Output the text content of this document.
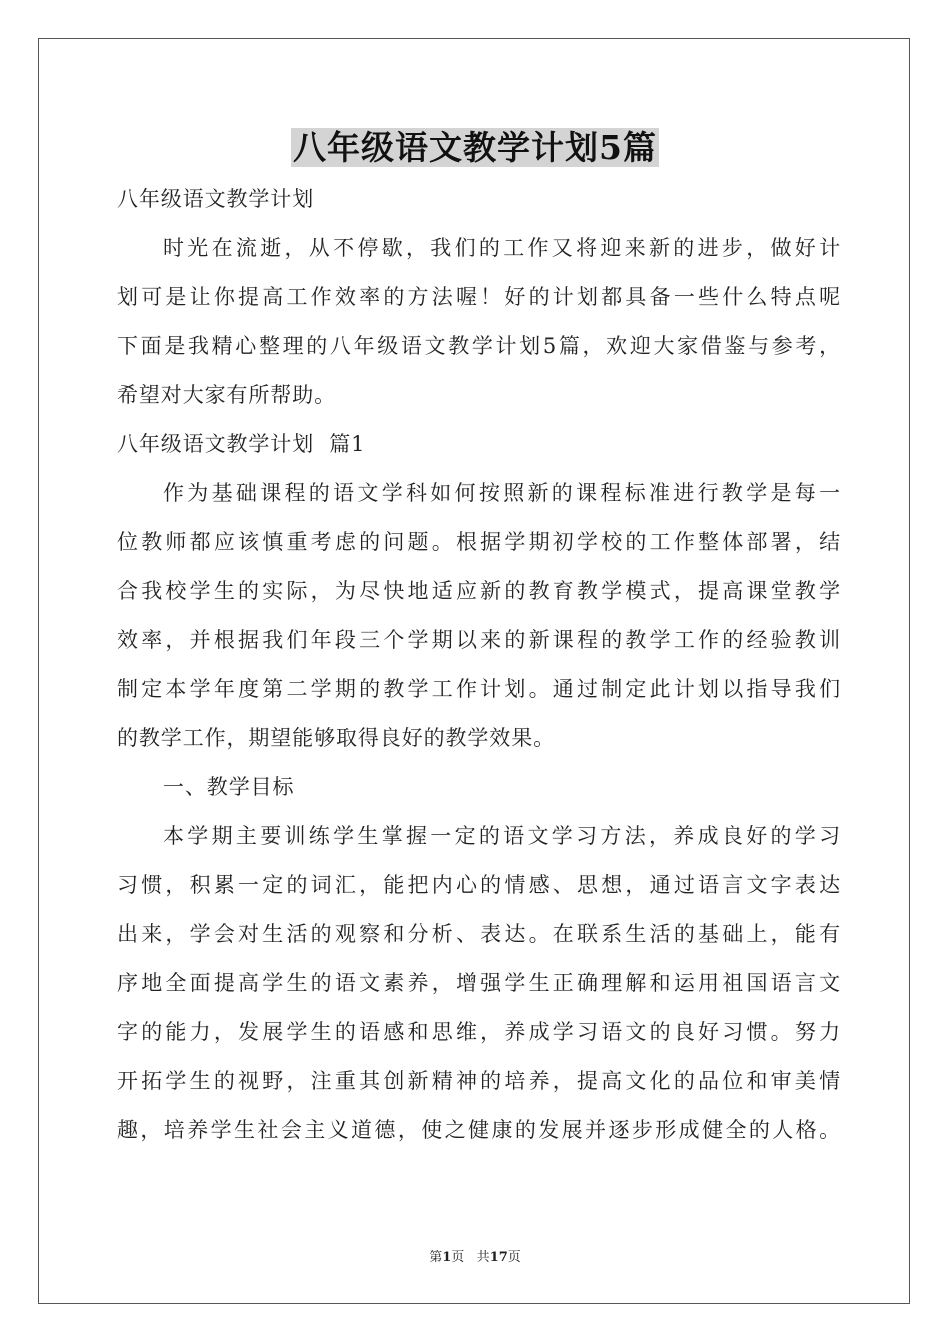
八年级语文教学计划5篇
八年级语文教学计划
时光在流逝，从不停歇，我们的工作又将迎来新的进步，做好计
划可是让你提高工作效率的方法喔！好的计划都具备一些什么特点呢
下面是我精心整理的八年级语文教学计划5篇，欢迎大家借鉴与参考，
希望对大家有所帮助。
八年级语文教学计划  篇1
作为基础课程的语文学科如何按照新的课程标准进行教学是每一
位教师都应该慎重考虑的问题。根据学期初学校的工作整体部署，结
合我校学生的实际，为尽快地适应新的教育教学模式，提高课堂教学
效率，并根据我们年段三个学期以来的新课程的教学工作的经验教训
制定本学年度第二学期的教学工作计划。通过制定此计划以指导我们
的教学工作，期望能够取得良好的教学效果。
一、教学目标
本学期主要训练学生掌握一定的语文学习方法，养成良好的学习
习惯，积累一定的词汇，能把内心的情感、思想，通过语言文字表达
出来，学会对生活的观察和分析、表达。在联系生活的基础上，能有
序地全面提高学生的语文素养，增强学生正确理解和运用祖国语言文
字的能力，发展学生的语感和思维，养成学习语文的良好习惯。努力
开拓学生的视野，注重其创新精神的培养，提高文化的品位和审美情
趣，培养学生社会主义道德，使之健康的发展并逐步形成健全的人格。
第1页 共17页
